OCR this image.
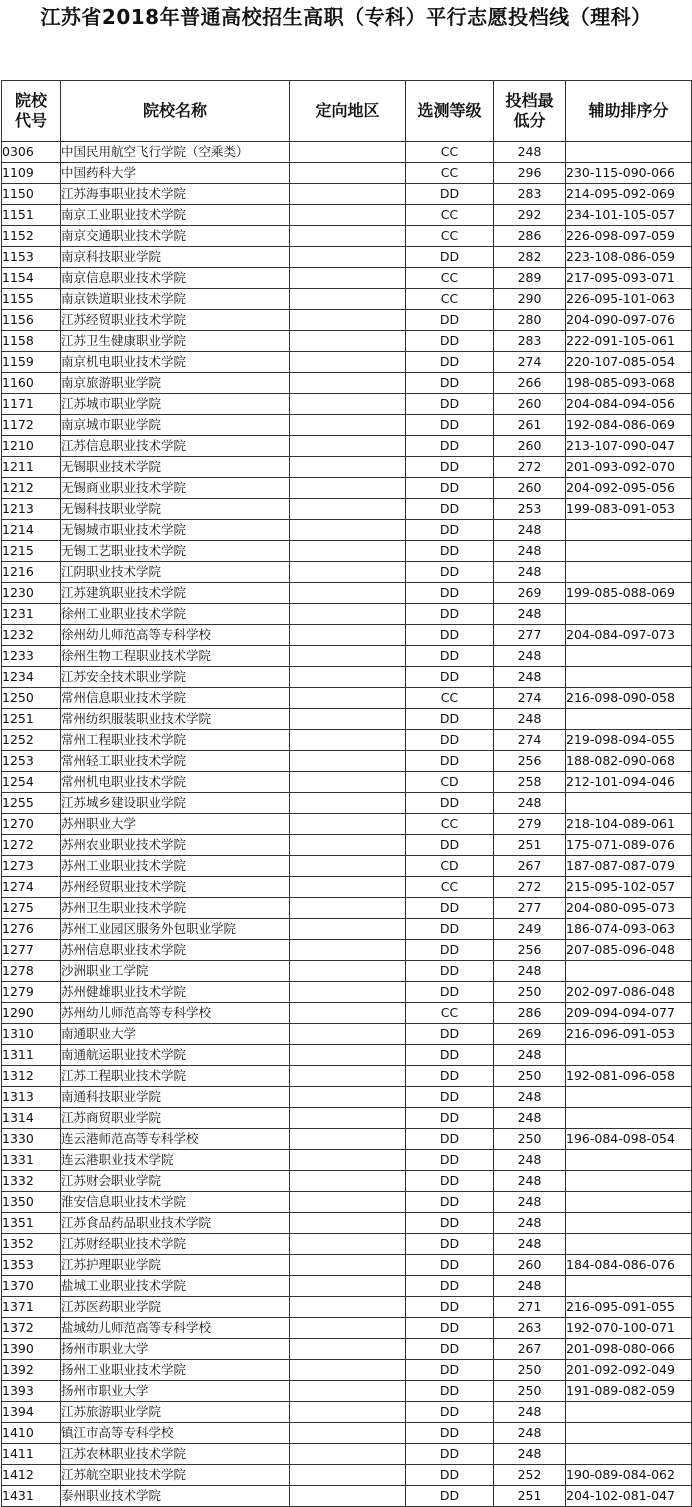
江苏省2018年普通高校招生高职（专科）平行志愿投档线（理科）
院校代号	院校名称	定向地区	选测等级	投档最低分	辅助排序分
0306	中国民用航空飞行学院（空乘类）		CC	248	
1109	中国药科大学		CC	296	230-115-090-066
1150	江苏海事职业技术学院		DD	283	214-095-092-069
1151	南京工业职业技术学院		CC	292	234-101-105-057
1152	南京交通职业技术学院		CC	286	226-098-097-059
1153	南京科技职业学院		DD	282	223-108-086-059
1154	南京信息职业技术学院		CC	289	217-095-093-071
1155	南京铁道职业技术学院		CC	290	226-095-101-063
1156	江苏经贸职业技术学院		DD	280	204-090-097-076
1158	江苏卫生健康职业学院		DD	283	222-091-105-061
1159	南京机电职业技术学院		DD	274	220-107-085-054
1160	南京旅游职业学院		DD	266	198-085-093-068
1171	江苏城市职业学院		DD	260	204-084-094-056
1172	南京城市职业学院		DD	261	192-084-086-069
1210	江苏信息职业技术学院		DD	260	213-107-090-047
1211	无锡职业技术学院		DD	272	201-093-092-070
1212	无锡商业职业技术学院		DD	260	204-092-095-056
1213	无锡科技职业学院		DD	253	199-083-091-053
1214	无锡城市职业技术学院		DD	248	
1215	无锡工艺职业技术学院		DD	248	
1216	江阴职业技术学院		DD	248	
1230	江苏建筑职业技术学院		DD	269	199-085-088-069
1231	徐州工业职业技术学院		DD	248	
1232	徐州幼儿师范高等专科学校		DD	277	204-084-097-073
1233	徐州生物工程职业技术学院		DD	248	
1234	江苏安全技术职业学院		DD	248	
1250	常州信息职业技术学院		CC	274	216-098-090-058
1251	常州纺织服装职业技术学院		DD	248	
1252	常州工程职业技术学院		DD	274	219-098-094-055
1253	常州轻工职业技术学院		DD	256	188-082-090-068
1254	常州机电职业技术学院		CD	258	212-101-094-046
1255	江苏城乡建设职业学院		DD	248	
1270	苏州职业大学		CC	279	218-104-089-061
1272	苏州农业职业技术学院		DD	251	175-071-089-076
1273	苏州工业职业技术学院		CD	267	187-087-087-079
1274	苏州经贸职业技术学院		CC	272	215-095-102-057
1275	苏州卫生职业技术学院		DD	277	204-080-095-073
1276	苏州工业园区服务外包职业学院		DD	249	186-074-093-063
1277	苏州信息职业技术学院		DD	256	207-085-096-048
1278	沙洲职业工学院		DD	248	
1279	苏州健雄职业技术学院		DD	250	202-097-086-048
1290	苏州幼儿师范高等专科学校		CC	286	209-094-094-077
1310	南通职业大学		DD	269	216-096-091-053
1311	南通航运职业技术学院		DD	248	
1312	江苏工程职业技术学院		DD	250	192-081-096-058
1313	南通科技职业学院		DD	248	
1314	江苏商贸职业学院		DD	248	
1330	连云港师范高等专科学校		DD	250	196-084-098-054
1331	连云港职业技术学院		DD	248	
1332	江苏财会职业学院		DD	248	
1350	淮安信息职业技术学院		DD	248	
1351	江苏食品药品职业技术学院		DD	248	
1352	江苏财经职业技术学院		DD	248	
1353	江苏护理职业学院		DD	260	184-084-086-076
1370	盐城工业职业技术学院		DD	248	
1371	江苏医药职业学院		DD	271	216-095-091-055
1372	盐城幼儿师范高等专科学校		DD	263	192-070-100-071
1390	扬州市职业大学		DD	267	201-098-080-066
1392	扬州工业职业技术学院		DD	250	201-092-092-049
1393	扬州市职业大学		DD	250	191-089-082-059
1394	江苏旅游职业学院		DD	248	
1410	镇江市高等专科学校		DD	248	
1411	江苏农林职业技术学院		DD	248	
1412	江苏航空职业技术学院		DD	252	190-089-084-062
1431	泰州职业技术学院		DD	251	204-102-081-047
